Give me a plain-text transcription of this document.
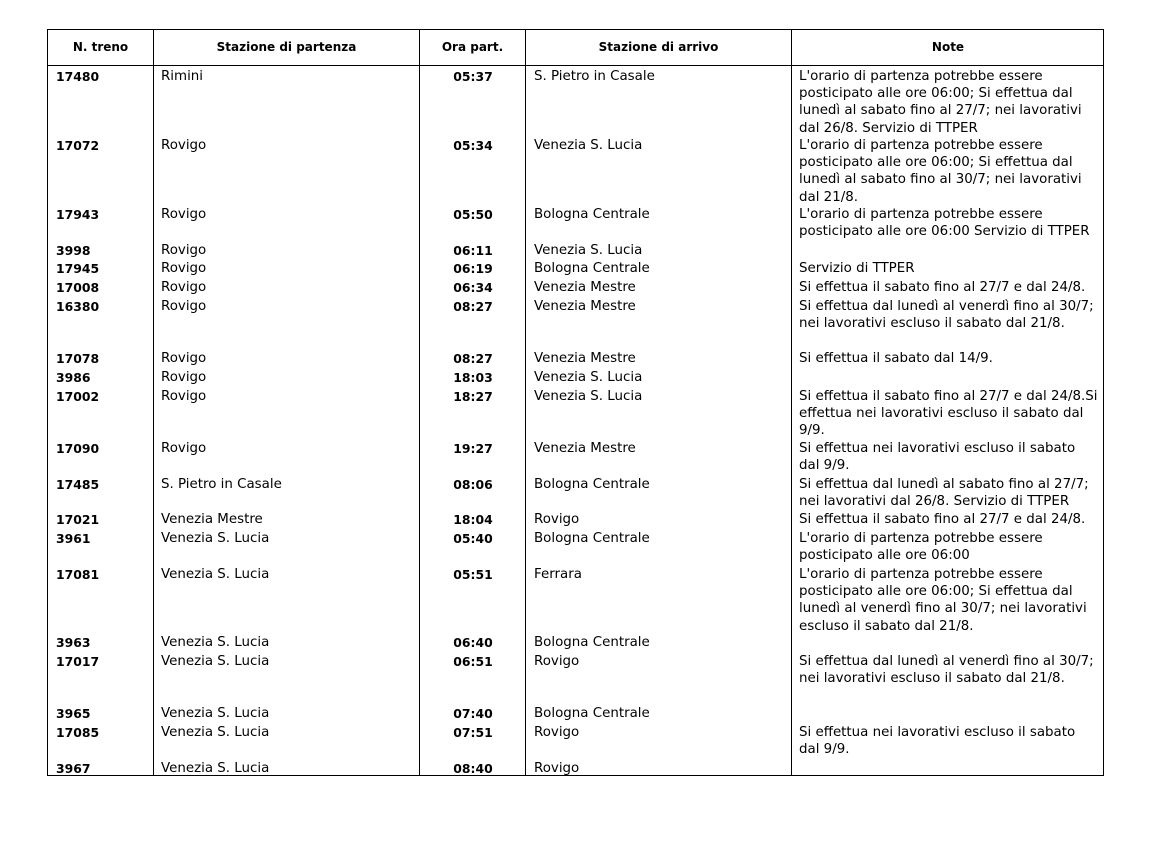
N. treno	Stazione di partenza	Ora part.	Stazione di arrivo	Note
17480	Rimini	05:37	S. Pietro in Casale	L'orario di partenza potrebbe essere posticipato alle ore 06:00; Si effettua dal lunedì al sabato fino al 27/7; nei lavorativi dal 26/8. Servizio di TTPER
17072	Rovigo	05:34	Venezia S. Lucia	L'orario di partenza potrebbe essere posticipato alle ore 06:00; Si effettua dal lunedì al sabato fino al 30/7; nei lavorativi dal 21/8.
17943	Rovigo	05:50	Bologna Centrale	L'orario di partenza potrebbe essere posticipato alle ore 06:00 Servizio di TTPER
3998	Rovigo	06:11	Venezia S. Lucia
17945	Rovigo	06:19	Bologna Centrale	Servizio di TTPER
17008	Rovigo	06:34	Venezia Mestre	Si effettua il sabato fino al 27/7 e dal 24/8.
16380	Rovigo	08:27	Venezia Mestre	Si effettua dal lunedì al venerdì fino al 30/7; nei lavorativi escluso il sabato dal 21/8.
17078	Rovigo	08:27	Venezia Mestre	Si effettua il sabato dal 14/9.
3986	Rovigo	18:03	Venezia S. Lucia
17002	Rovigo	18:27	Venezia S. Lucia	Si effettua il sabato fino al 27/7 e dal 24/8.Si effettua nei lavorativi escluso il sabato dal 9/9.
17090	Rovigo	19:27	Venezia Mestre	Si effettua nei lavorativi escluso il sabato dal 9/9.
17485	S. Pietro in Casale	08:06	Bologna Centrale	Si effettua dal lunedì al sabato fino al 27/7; nei lavorativi dal 26/8. Servizio di TTPER
17021	Venezia Mestre	18:04	Rovigo	Si effettua il sabato fino al 27/7 e dal 24/8.
3961	Venezia S. Lucia	05:40	Bologna Centrale	L'orario di partenza potrebbe essere posticipato alle ore 06:00
17081	Venezia S. Lucia	05:51	Ferrara	L'orario di partenza potrebbe essere posticipato alle ore 06:00; Si effettua dal lunedì al venerdì fino al 30/7; nei lavorativi escluso il sabato dal 21/8.
3963	Venezia S. Lucia	06:40	Bologna Centrale
17017	Venezia S. Lucia	06:51	Rovigo	Si effettua dal lunedì al venerdì fino al 30/7; nei lavorativi escluso il sabato dal 21/8.
3965	Venezia S. Lucia	07:40	Bologna Centrale
17085	Venezia S. Lucia	07:51	Rovigo	Si effettua nei lavorativi escluso il sabato dal 9/9.
3967	Venezia S. Lucia	08:40	Rovigo
